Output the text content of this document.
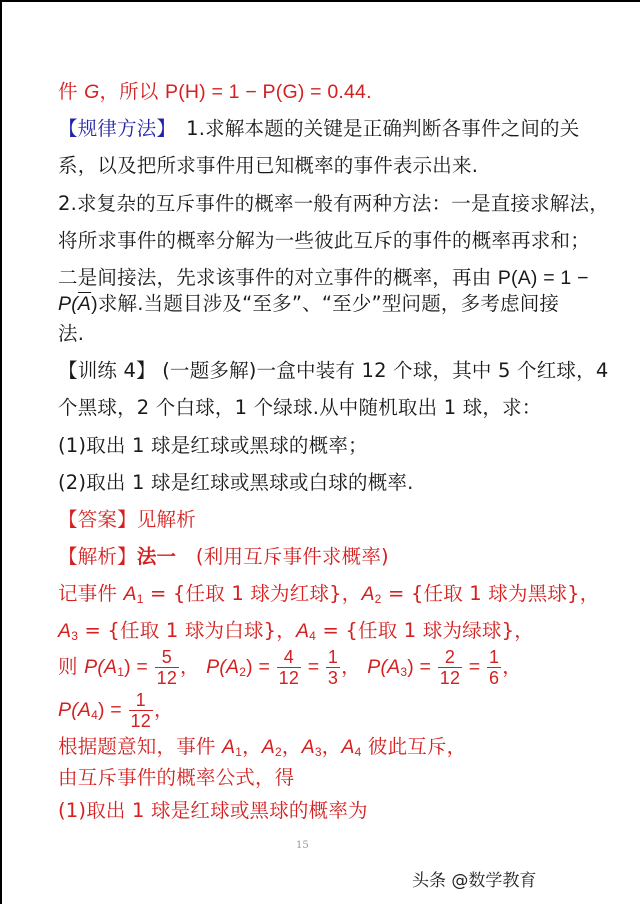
件 G，所以 P(H) = 1 − P(G) = 0.44.
【规律方法】　1.求解本题的关键是正确判断各事件之间的关
系，以及把所求事件用已知概率的事件表示出来.
2.求复杂的互斥事件的概率一般有两种方法：一是直接求解法，
将所求事件的概率分解为一些彼此互斥的事件的概率再求和；
二是间接法，先求该事件的对立事件的概率，再由 P(A) = 1 −
$P(\overline{A})$求解.当题目涉及“至多”、“至少”型问题，多考虑间接
法.
【训练 4】 (一题多解)一盒中装有 12 个球，其中 5 个红球，4
个黑球，2 个白球，1 个绿球.从中随机取出 1 球，求：
(1)取出 1 球是红球或黑球的概率；
(2)取出 1 球是红球或黑球或白球的概率.
【答案】见解析
【解析】法一　(利用互斥事件求概率)
记事件 $A_1$ = {任取 1 球为红球}，$A_2$ = {任取 1 球为黑球}，
$A_3$ = {任取 1 球为白球}，$A_4$ = {任取 1 球为绿球}，
则 $P(A_1) = \frac{5}{12}$ ， $P(A_2) = \frac{4}{12} = \frac{1}{3}$ ， $P(A_3) = \frac{2}{12} = \frac{1}{6}$ ，
$P(A_4) = \frac{1}{12}$ ，
根据题意知，事件 $A_1$，$A_2$，$A_3$，$A_4$ 彼此互斥，
由互斥事件的概率公式，得
(1)取出 1 球是红球或黑球的概率为
15
头条 @数学教育
